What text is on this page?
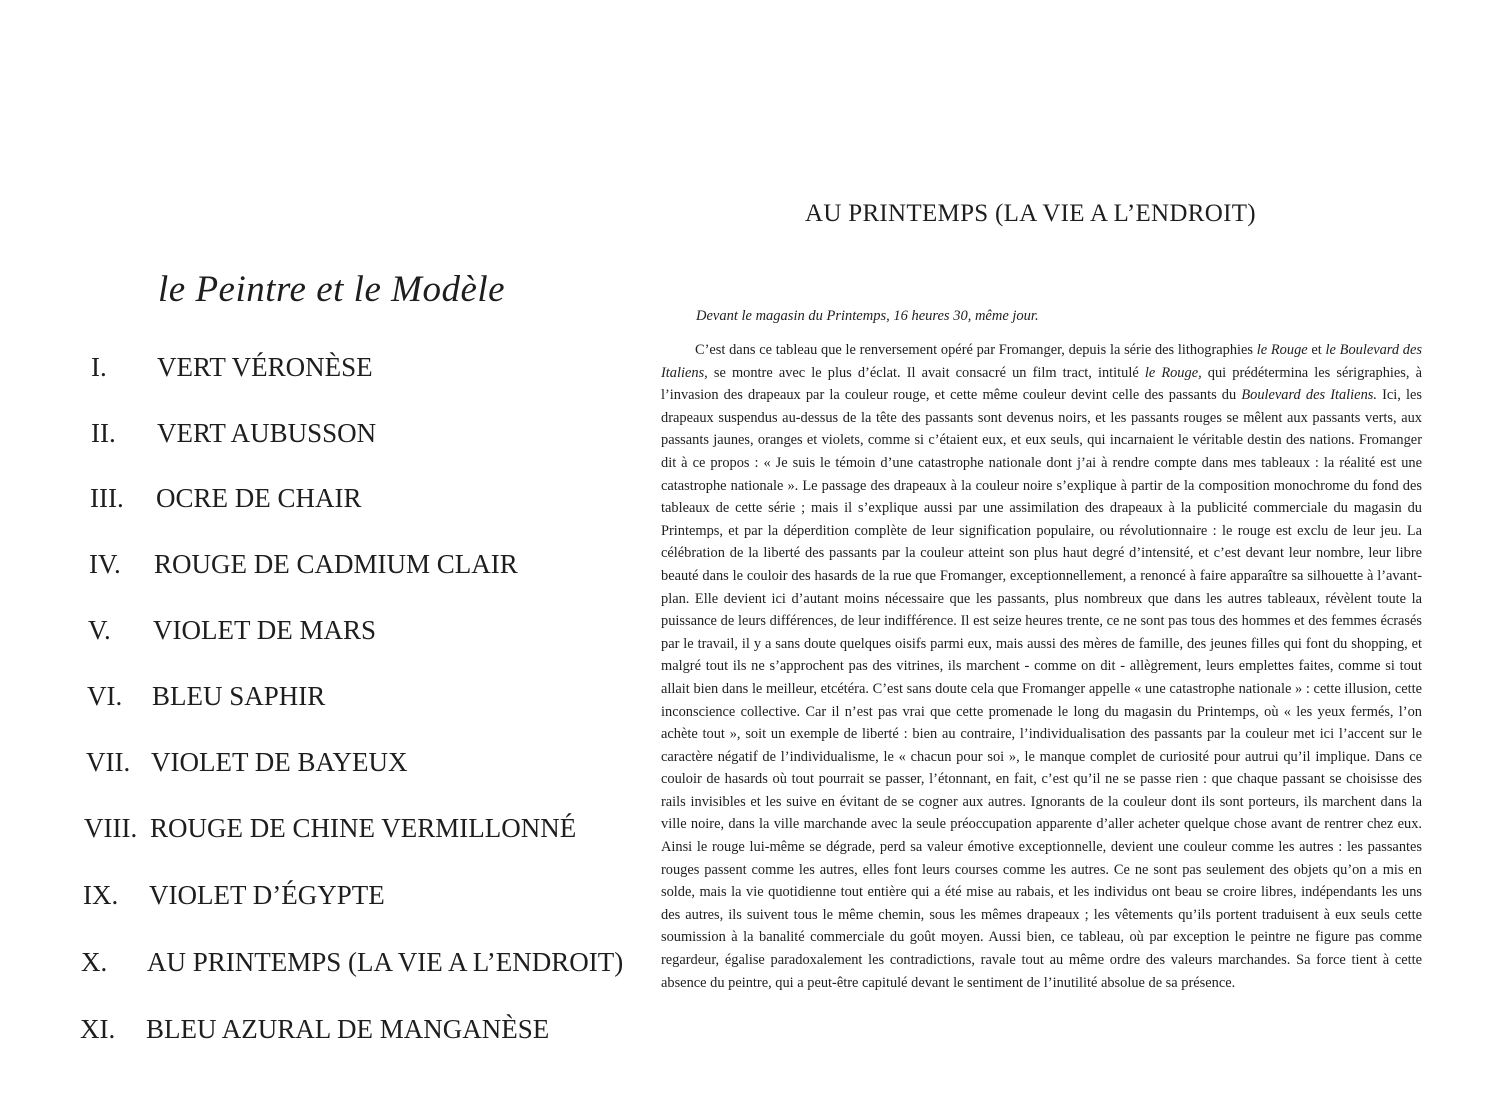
le Peintre et le Modèle
I. VERT VÉRONÈSE
II. VERT AUBUSSON
III. OCRE DE CHAIR
IV. ROUGE DE CADMIUM CLAIR
V. VIOLET DE MARS
VI. BLEU SAPHIR
VII. VIOLET DE BAYEUX
VIII. ROUGE DE CHINE VERMILLONNÉ
IX. VIOLET D’ÉGYPTE
X. AU PRINTEMPS (LA VIE A L’ENDROIT)
XI. BLEU AZURAL DE MANGANÈSE
AU PRINTEMPS (LA VIE A L’ENDROIT)
Devant le magasin du Printemps, 16 heures 30, même jour.

C’est dans ce tableau que le renversement opéré par Fromanger, depuis la série des lithographies le Rouge et le Boulevard des Italiens, se montre avec le plus d’éclat. Il avait consacré un film tract, intitulé le Rouge, qui prédétermina les sérigraphies, à l’invasion des drapeaux par la couleur rouge, et cette même couleur devint celle des passants du Boulevard des Italiens. Ici, les drapeaux suspendus au-dessus de la tête des passants sont devenus noirs, et les passants rouges se mêlent aux passants verts, aux passants jaunes, oranges et violets, comme si c’étaient eux, et eux seuls, qui incarnaient le véritable destin des nations. Fromanger dit à ce propos : « Je suis le témoin d’une catastrophe nationale dont j’ai à rendre compte dans mes tableaux : la réalité est une catastrophe nationale ». Le passage des drapeaux à la couleur noire s’explique à partir de la composition monochrome du fond des tableaux de cette série ; mais il s’explique aussi par une assimilation des drapeaux à la publicité commerciale du magasin du Printemps, et par la déperdition complète de leur signification populaire, ou révolutionnaire : le rouge est exclu de leur jeu. La célébration de la liberté des passants par la couleur atteint son plus haut degré d’intensité, et c’est devant leur nombre, leur libre beauté dans le couloir des hasards de la rue que Fromanger, exceptionnellement, a renoncé à faire apparaître sa silhouette à l’avant-plan. Elle devient ici d’autant moins nécessaire que les passants, plus nombreux que dans les autres tableaux, révèlent toute la puissance de leurs différences, de leur indifférence. Il est seize heures trente, ce ne sont pas tous des hommes et des femmes écrasés par le travail, il y a sans doute quelques oisifs parmi eux, mais aussi des mères de famille, des jeunes filles qui font du shopping, et malgré tout ils ne s’approchent pas des vitrines, ils marchent - comme on dit - allègrement, leurs emplettes faites, comme si tout allait bien dans le meilleur, etcétéra. C’est sans doute cela que Fromanger appelle « une catastrophe nationale » : cette illusion, cette inconscience collective. Car il n’est pas vrai que cette promenade le long du magasin du Printemps, où « les yeux fermés, l’on achète tout », soit un exemple de liberté : bien au contraire, l’individualisation des passants par la couleur met ici l’accent sur le caractère négatif de l’individualisme, le « chacun pour soi », le manque complet de curiosité pour autrui qu’il implique. Dans ce couloir de hasards où tout pourrait se passer, l’étonnant, en fait, c’est qu’il ne se passe rien : que chaque passant se choisisse des rails invisibles et les suive en évitant de se cogner aux autres. Ignorants de la couleur dont ils sont porteurs, ils marchent dans la ville noire, dans la ville marchande avec la seule préoccupation apparente d’aller acheter quelque chose avant de rentrer chez eux. Ainsi le rouge lui-même se dégrade, perd sa valeur émotive exceptionnelle, devient une couleur comme les autres : les passantes rouges passent comme les autres, elles font leurs courses comme les autres. Ce ne sont pas seulement des objets qu’on a mis en solde, mais la vie quotidienne tout entière qui a été mise au rabais, et les individus ont beau se croire libres, indépendants les uns des autres, ils suivent tous le même chemin, sous les mêmes drapeaux ; les vêtements qu’ils portent traduisent à eux seuls cette soumission à la banalité commerciale du goût moyen. Aussi bien, ce tableau, où par exception le peintre ne figure pas comme regardeur, égalise paradoxalement les contradictions, ravale tout au même ordre des valeurs marchandes. Sa force tient à cette absence du peintre, qui a peut-être capitulé devant le sentiment de l’inutilité absolue de sa présence.
